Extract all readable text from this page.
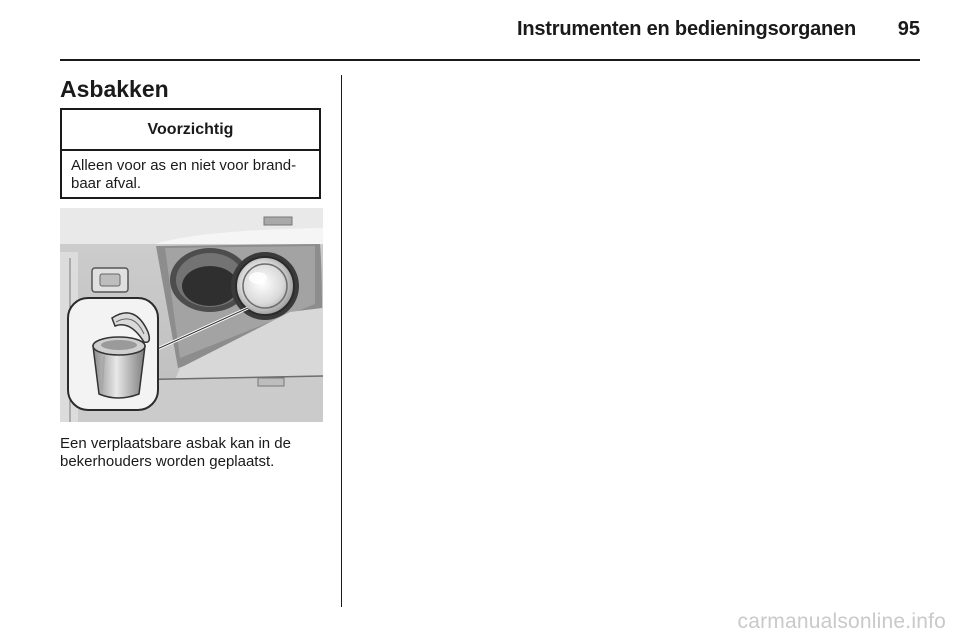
Instrumenten en bedieningsorganen 95
Asbakken
Voorzichtig
Alleen voor as en niet voor brand-
baar afval.
Een verplaatsbare asbak kan in de
bekerhouders worden geplaatst.
carmanualsonline.info
